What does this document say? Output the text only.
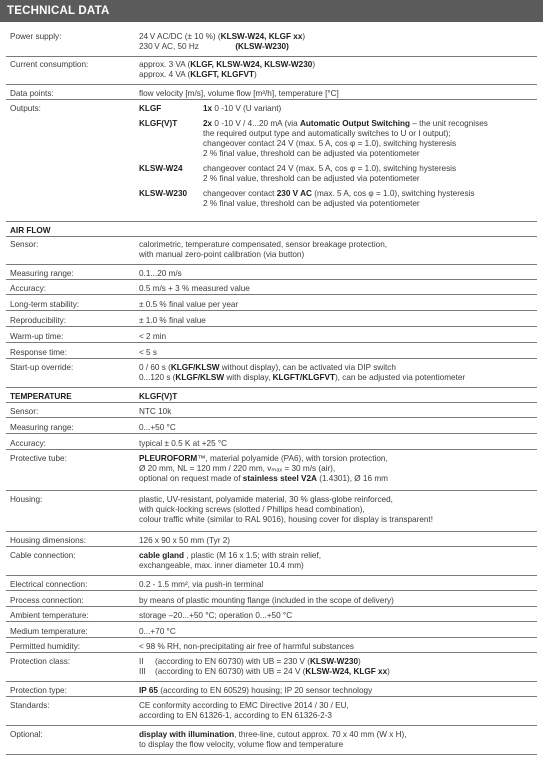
TECHNICAL DATA
Power supply:	24 V AC/DC (± 10 %) (KLSW-W24, KLGF xx)
230 V AC, 50 Hz	(KLSW-W230)
Current consumption:	approx. 3 VA (KLGF, KLSW-W24, KLSW-W230)
approx. 4 VA (KLGFT, KLGFVT)
Data points:	flow velocity [m/s], volume flow [m³/h], temperature [°C]
Outputs:	KLGF	1x 0 -10 V (U variant)
KLGF(V)T	2x 0 -10 V / 4...20 mA (via Automatic Output Switching – the unit recognises
the required output type and automatically switches to U or I output);
changeover contact 24 V (max. 5 A, cos φ = 1.0), switching hysteresis
2 % final value, threshold can be adjusted via potentiometer
KLSW-W24	changeover contact 24 V (max. 5 A, cos φ = 1.0), switching hysteresis
2 % final value, threshold can be adjusted via potentiometer
KLSW-W230	changeover contact 230 V AC (max. 5 A, cos φ = 1.0), switching hysteresis
2 % final value, threshold can be adjusted via potentiometer
AIR FLOW
Sensor:	calorimetric, temperature compensated, sensor breakage protection,
with manual zero-point calibration (via button)
Measuring range:	0.1...20 m/s
Accuracy:	0.5 m/s + 3 % measured value
Long-term stability:	± 0.5 % final value per year
Reproducibility:	± 1.0 % final value
Warm-up time:	< 2 min
Response time:	< 5 s
Start-up override:	0 / 60 s (KLGF/KLSW without display), can be activated via DIP switch
0...120 s (KLGF/KLSW with display, KLGFT/KLGFVT), can be adjusted via potentiometer
TEMPERATURE	KLGF(V)T
Sensor:	NTC 10k
Measuring range:	0...+50 °C
Accuracy:	typical ± 0.5 K at +25 °C
Protective tube:	PLEUROFORM™, material polyamide (PA6), with torsion protection,
Ø 20 mm, NL = 120 mm / 220 mm, vₘₐₓ = 30 m/s (air),
optional on request made of stainless steel V2A (1.4301), Ø 16 mm
Housing:	plastic, UV-resistant, polyamide material, 30 % glass-globe reinforced,
with quick-locking screws (slotted / Phillips head combination),
colour traffic white (similar to RAL 9016), housing cover for display is transparent!
Housing dimensions:	126 x 90 x 50 mm (Tyr 2)
Cable connection:	cable gland , plastic (M 16 x 1.5; with strain relief,
exchangeable, max. inner diameter 10.4 mm)
Electrical connection:	0.2 - 1.5 mm², via push-in terminal
Process connection:	by means of plastic mounting flange (included in the scope of delivery)
Ambient temperature:	storage –20...+50 °C; operation 0...+50 °C
Medium temperature:	0...+70 °C
Permitted humidity:	< 98 % RH, non-precipitating air free of harmful substances
Protection class:	II (according to EN 60730) with UB = 230 V (KLSW-W230)
III (according to EN 60730) with UB = 24 V (KLSW-W24, KLGF xx)
Protection type:	IP 65 (according to EN 60529) housing; IP 20 sensor technology
Standards:	CE conformity according to EMC Directive 2014 / 30 / EU,
according to EN 61326-1, according to EN 61326-2-3
Optional:	display with illumination, three-line, cutout approx. 70 x 40 mm (W x H),
to display the flow velocity, volume flow and temperature
